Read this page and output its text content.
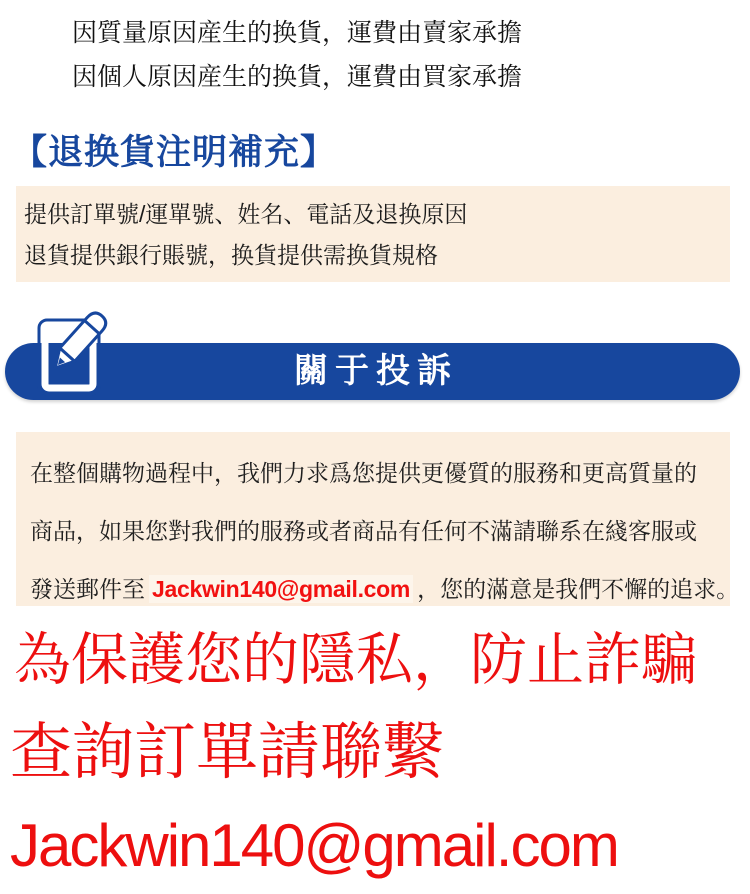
因質量原因産生的换貨，運費由賣家承擔
因個人原因産生的换貨，運費由買家承擔
【退换貨注明補充】
提供訂單號/運單號、姓名、電話及退换原因
退貨提供銀行賬號，换貨提供需换貨規格
關于投訴
在整個購物過程中，我們力求爲您提供更優質的服務和更高質量的
商品，如果您對我們的服務或者商品有任何不滿請聯系在綫客服或
發送郵件至 Jackwin140@gmail.com ，您的滿意是我們不懈的追求。
為保護您的隱私，防止詐騙
查詢訂單請聯繫
Jackwin140@gmail.com
